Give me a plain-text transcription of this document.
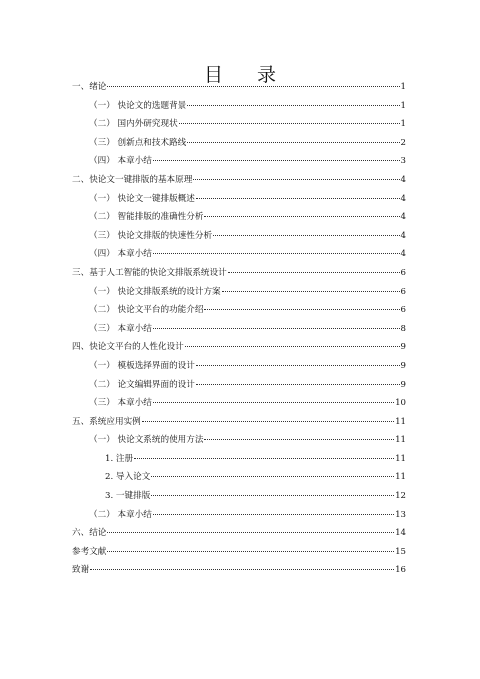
目 录
一、绪论	1
（一） 快论文的选题背景	1
（二） 国内外研究现状	1
（三） 创新点和技术路线	2
（四） 本章小结	3
二、快论文一键排版的基本原理	4
（一） 快论文一键排版概述	4
（二） 智能排版的准确性分析	4
（三） 快论文排版的快速性分析	4
（四） 本章小结	4
三、基于人工智能的快论文排版系统设计	6
（一） 快论文排版系统的设计方案	6
（二） 快论文平台的功能介绍	6
（三） 本章小结	8
四、快论文平台的人性化设计	9
（一） 模板选择界面的设计	9
（二） 论文编辑界面的设计	9
（三） 本章小结	10
五、系统应用实例	11
（一） 快论文系统的使用方法	11
1. 注册	11
2. 导入论文	11
3. 一键排版	12
（二） 本章小结	13
六、结论	14
参考文献	15
致谢	16
